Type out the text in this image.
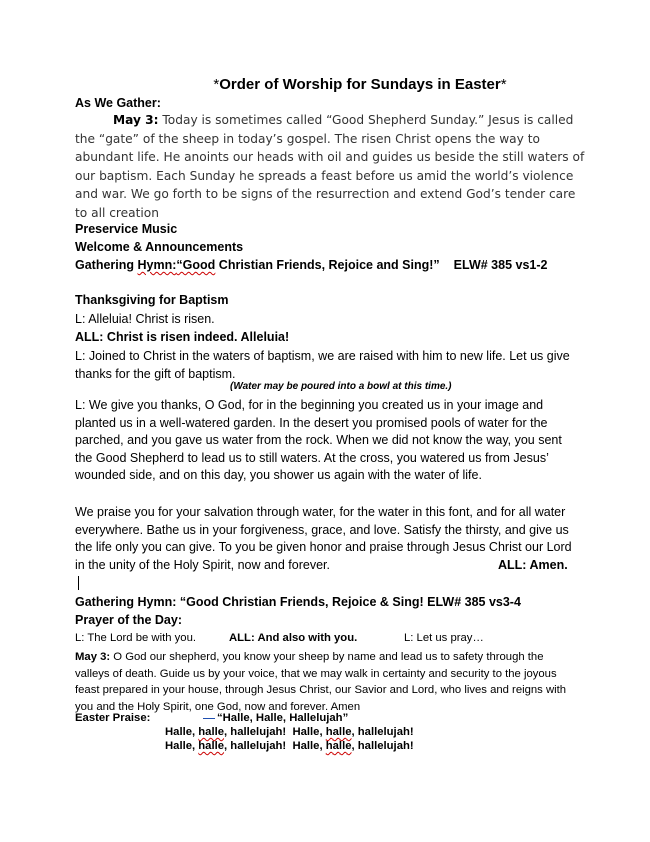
*Order of Worship for Sundays in Easter*
As We Gather:
May 3: Today is sometimes called “Good Shepherd Sunday.” Jesus is called the “gate” of the sheep in today’s gospel. The risen Christ opens the way to abundant life. He anoints our heads with oil and guides us beside the still waters of our baptism. Each Sunday he spreads a feast before us amid the world’s violence and war. We go forth to be signs of the resurrection and extend God’s tender care to all creation
Preservice Music
Welcome & Announcements
Gathering Hymn:“Good Christian Friends, Rejoice and Sing!” ELW# 385 vs1-2
Thanksgiving for Baptism
L: Alleluia! Christ is risen.
ALL: Christ is risen indeed. Alleluia!
L: Joined to Christ in the waters of baptism, we are raised with him to new life. Let us give thanks for the gift of baptism.
(Water may be poured into a bowl at this time.)
L: We give you thanks, O God, for in the beginning you created us in your image and planted us in a well-watered garden. In the desert you promised pools of water for the parched, and you gave us water from the rock. When we did not know the way, you sent the Good Shepherd to lead us to still waters. At the cross, you watered us from Jesus’ wounded side, and on this day, you shower us again with the water of life.
We praise you for your salvation through water, for the water in this font, and for all water everywhere. Bathe us in your forgiveness, grace, and love. Satisfy the thirsty, and give us the life only you can give. To you be given honor and praise through Jesus Christ our Lord in the unity of the Holy Spirit, now and forever.	ALL: Amen.
Gathering Hymn: “Good Christian Friends, Rejoice & Sing! ELW# 385 vs3-4
Prayer of the Day:
L: The Lord be with you.	ALL: And also with you.	L: Let us pray…
May 3: O God our shepherd, you know your sheep by name and lead us to safety through the valleys of death. Guide us by your voice, that we may walk in certainty and security to the joyous feast prepared in your house, through Jesus Christ, our Savior and Lord, who lives and reigns with you and the Holy Spirit, one God, now and forever. Amen
Easter Praise:	“Halle, Halle, Hallelujah”
Halle, halle, hallelujah! Halle, halle, hallelujah!
Halle, halle, hallelujah! Halle, halle, hallelujah!
